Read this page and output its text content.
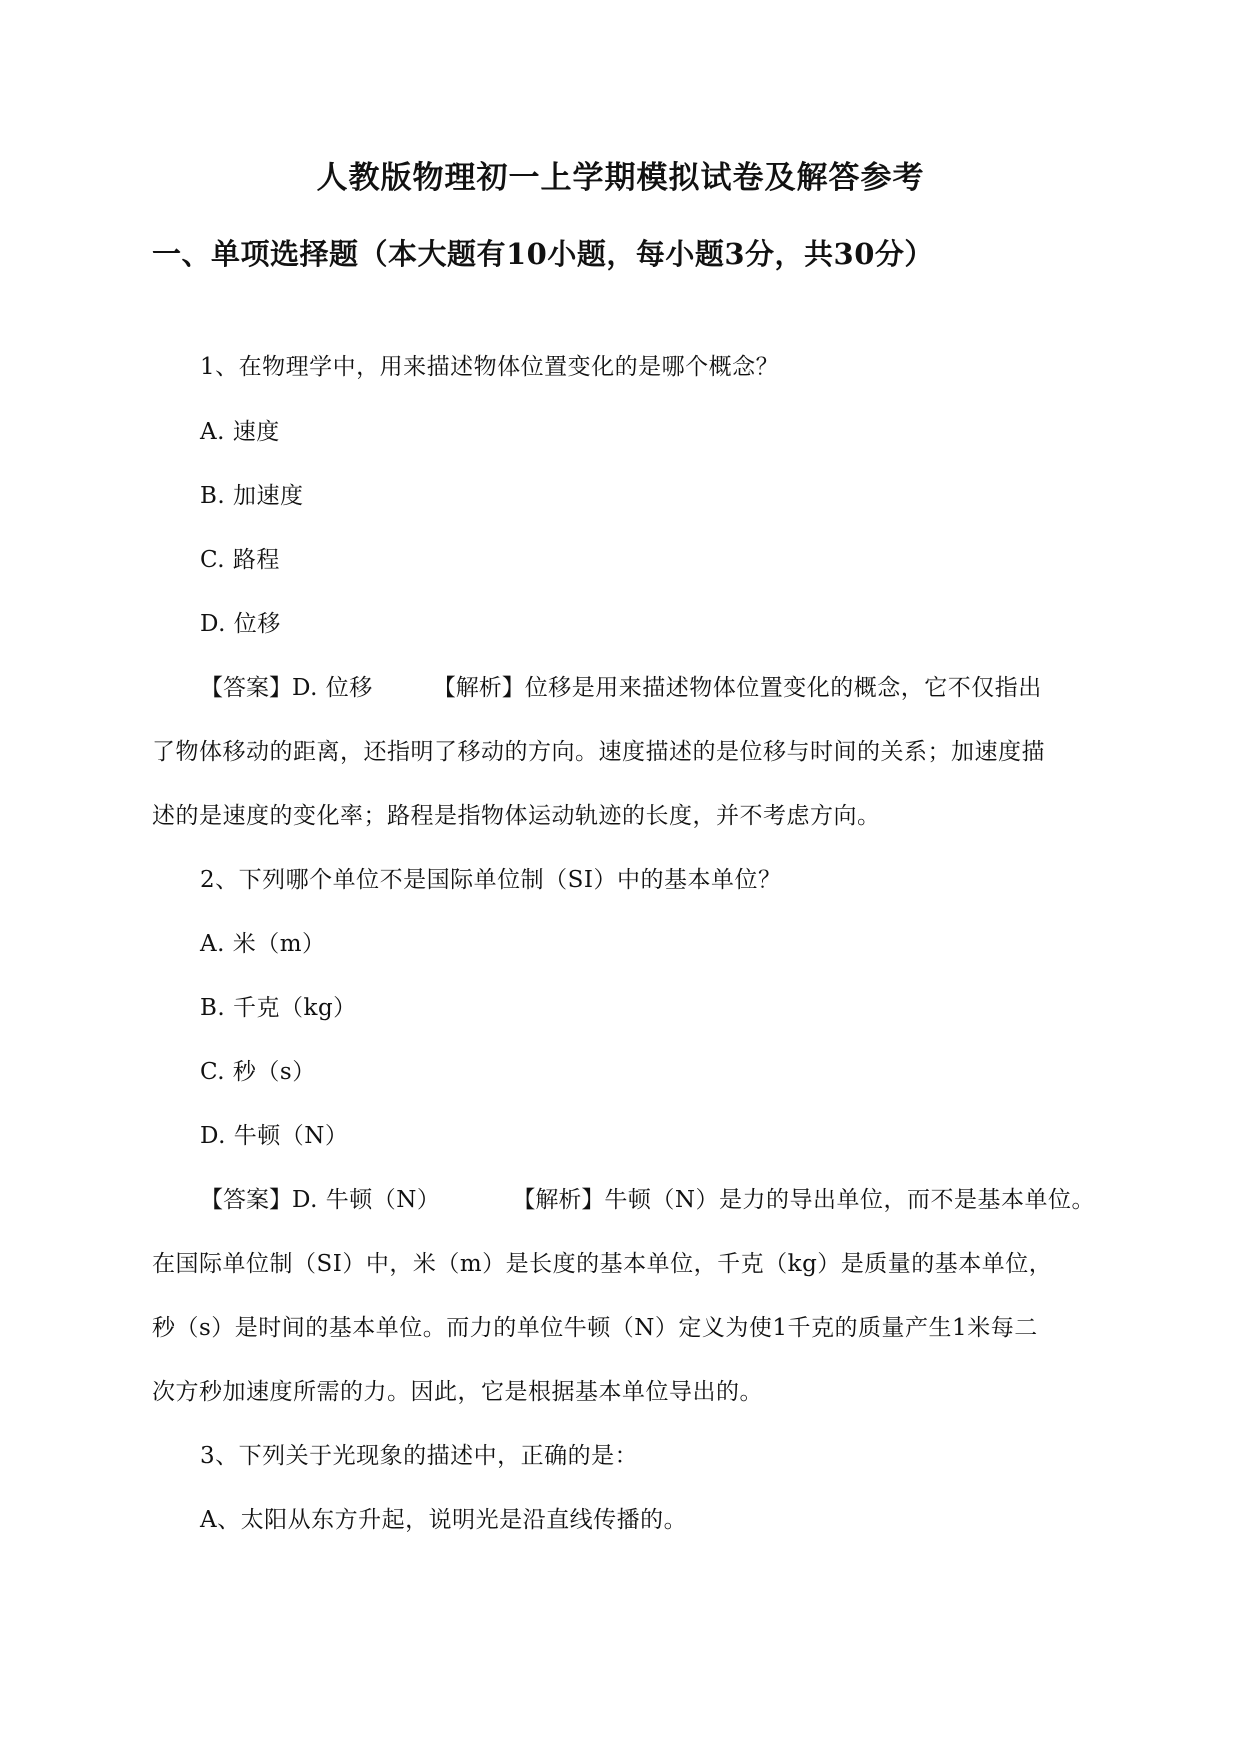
人教版物理初一上学期模拟试卷及解答参考
一、单项选择题（本大题有10小题，每小题3分，共30分）
1、在物理学中，用来描述物体位置变化的是哪个概念？
A. 速度
B. 加速度
C. 路程
D. 位移
【答案】D. 位移	【解析】位移是用来描述物体位置变化的概念，它不仅指出
了物体移动的距离，还指明了移动的方向。速度描述的是位移与时间的关系；加速度描
述的是速度的变化率；路程是指物体运动轨迹的长度，并不考虑方向。
2、下列哪个单位不是国际单位制（SI）中的基本单位？
A. 米（m）
B. 千克（kg）
C. 秒（s）
D. 牛顿（N）
【答案】D. 牛顿（N）	【解析】牛顿（N）是力的导出单位，而不是基本单位。
在国际单位制（SI）中，米（m）是长度的基本单位，千克（kg）是质量的基本单位，
秒（s）是时间的基本单位。而力的单位牛顿（N）定义为使1千克的质量产生1米每二
次方秒加速度所需的力。因此，它是根据基本单位导出的。
3、下列关于光现象的描述中，正确的是：
A、太阳从东方升起，说明光是沿直线传播的。
